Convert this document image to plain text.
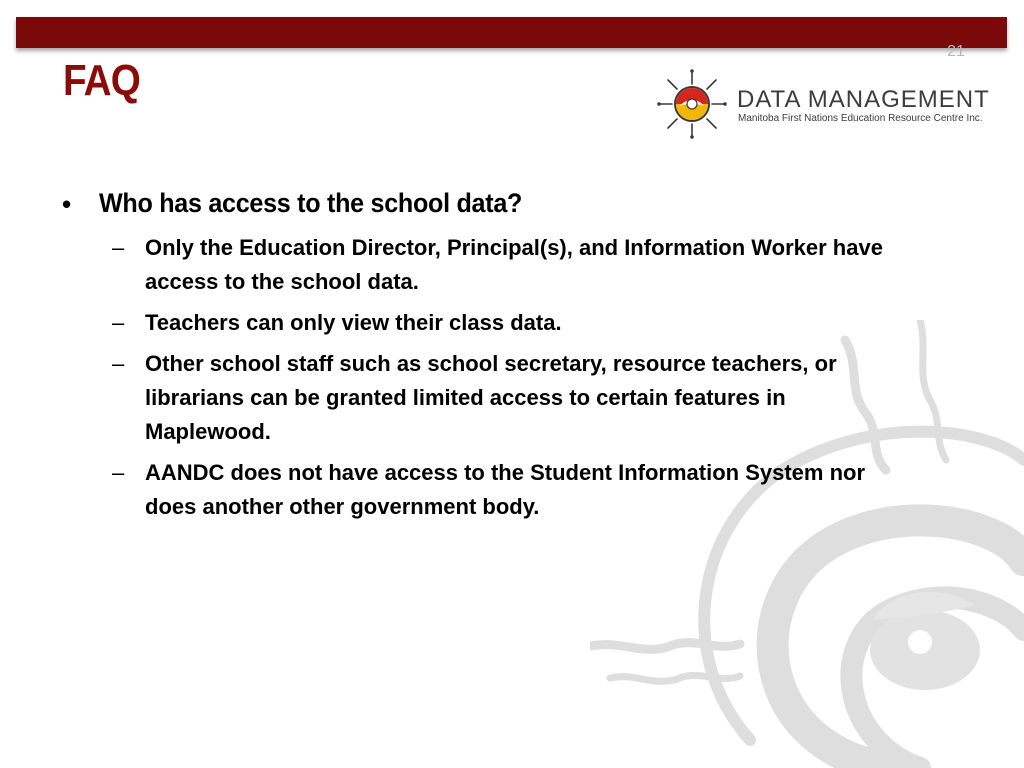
21
FAQ	DATA MANAGEMENT
Manitoba First Nations Education Resource Centre Inc.
• Who has access to the school data?
– Only the Education Director, Principal(s), and Information Worker have access to the school data.
– Teachers can only view their class data.
– Other school staff such as school secretary, resource teachers, or librarians can be granted limited access to certain features in Maplewood.
– AANDC does not have access to the Student Information System nor does another other government body.
